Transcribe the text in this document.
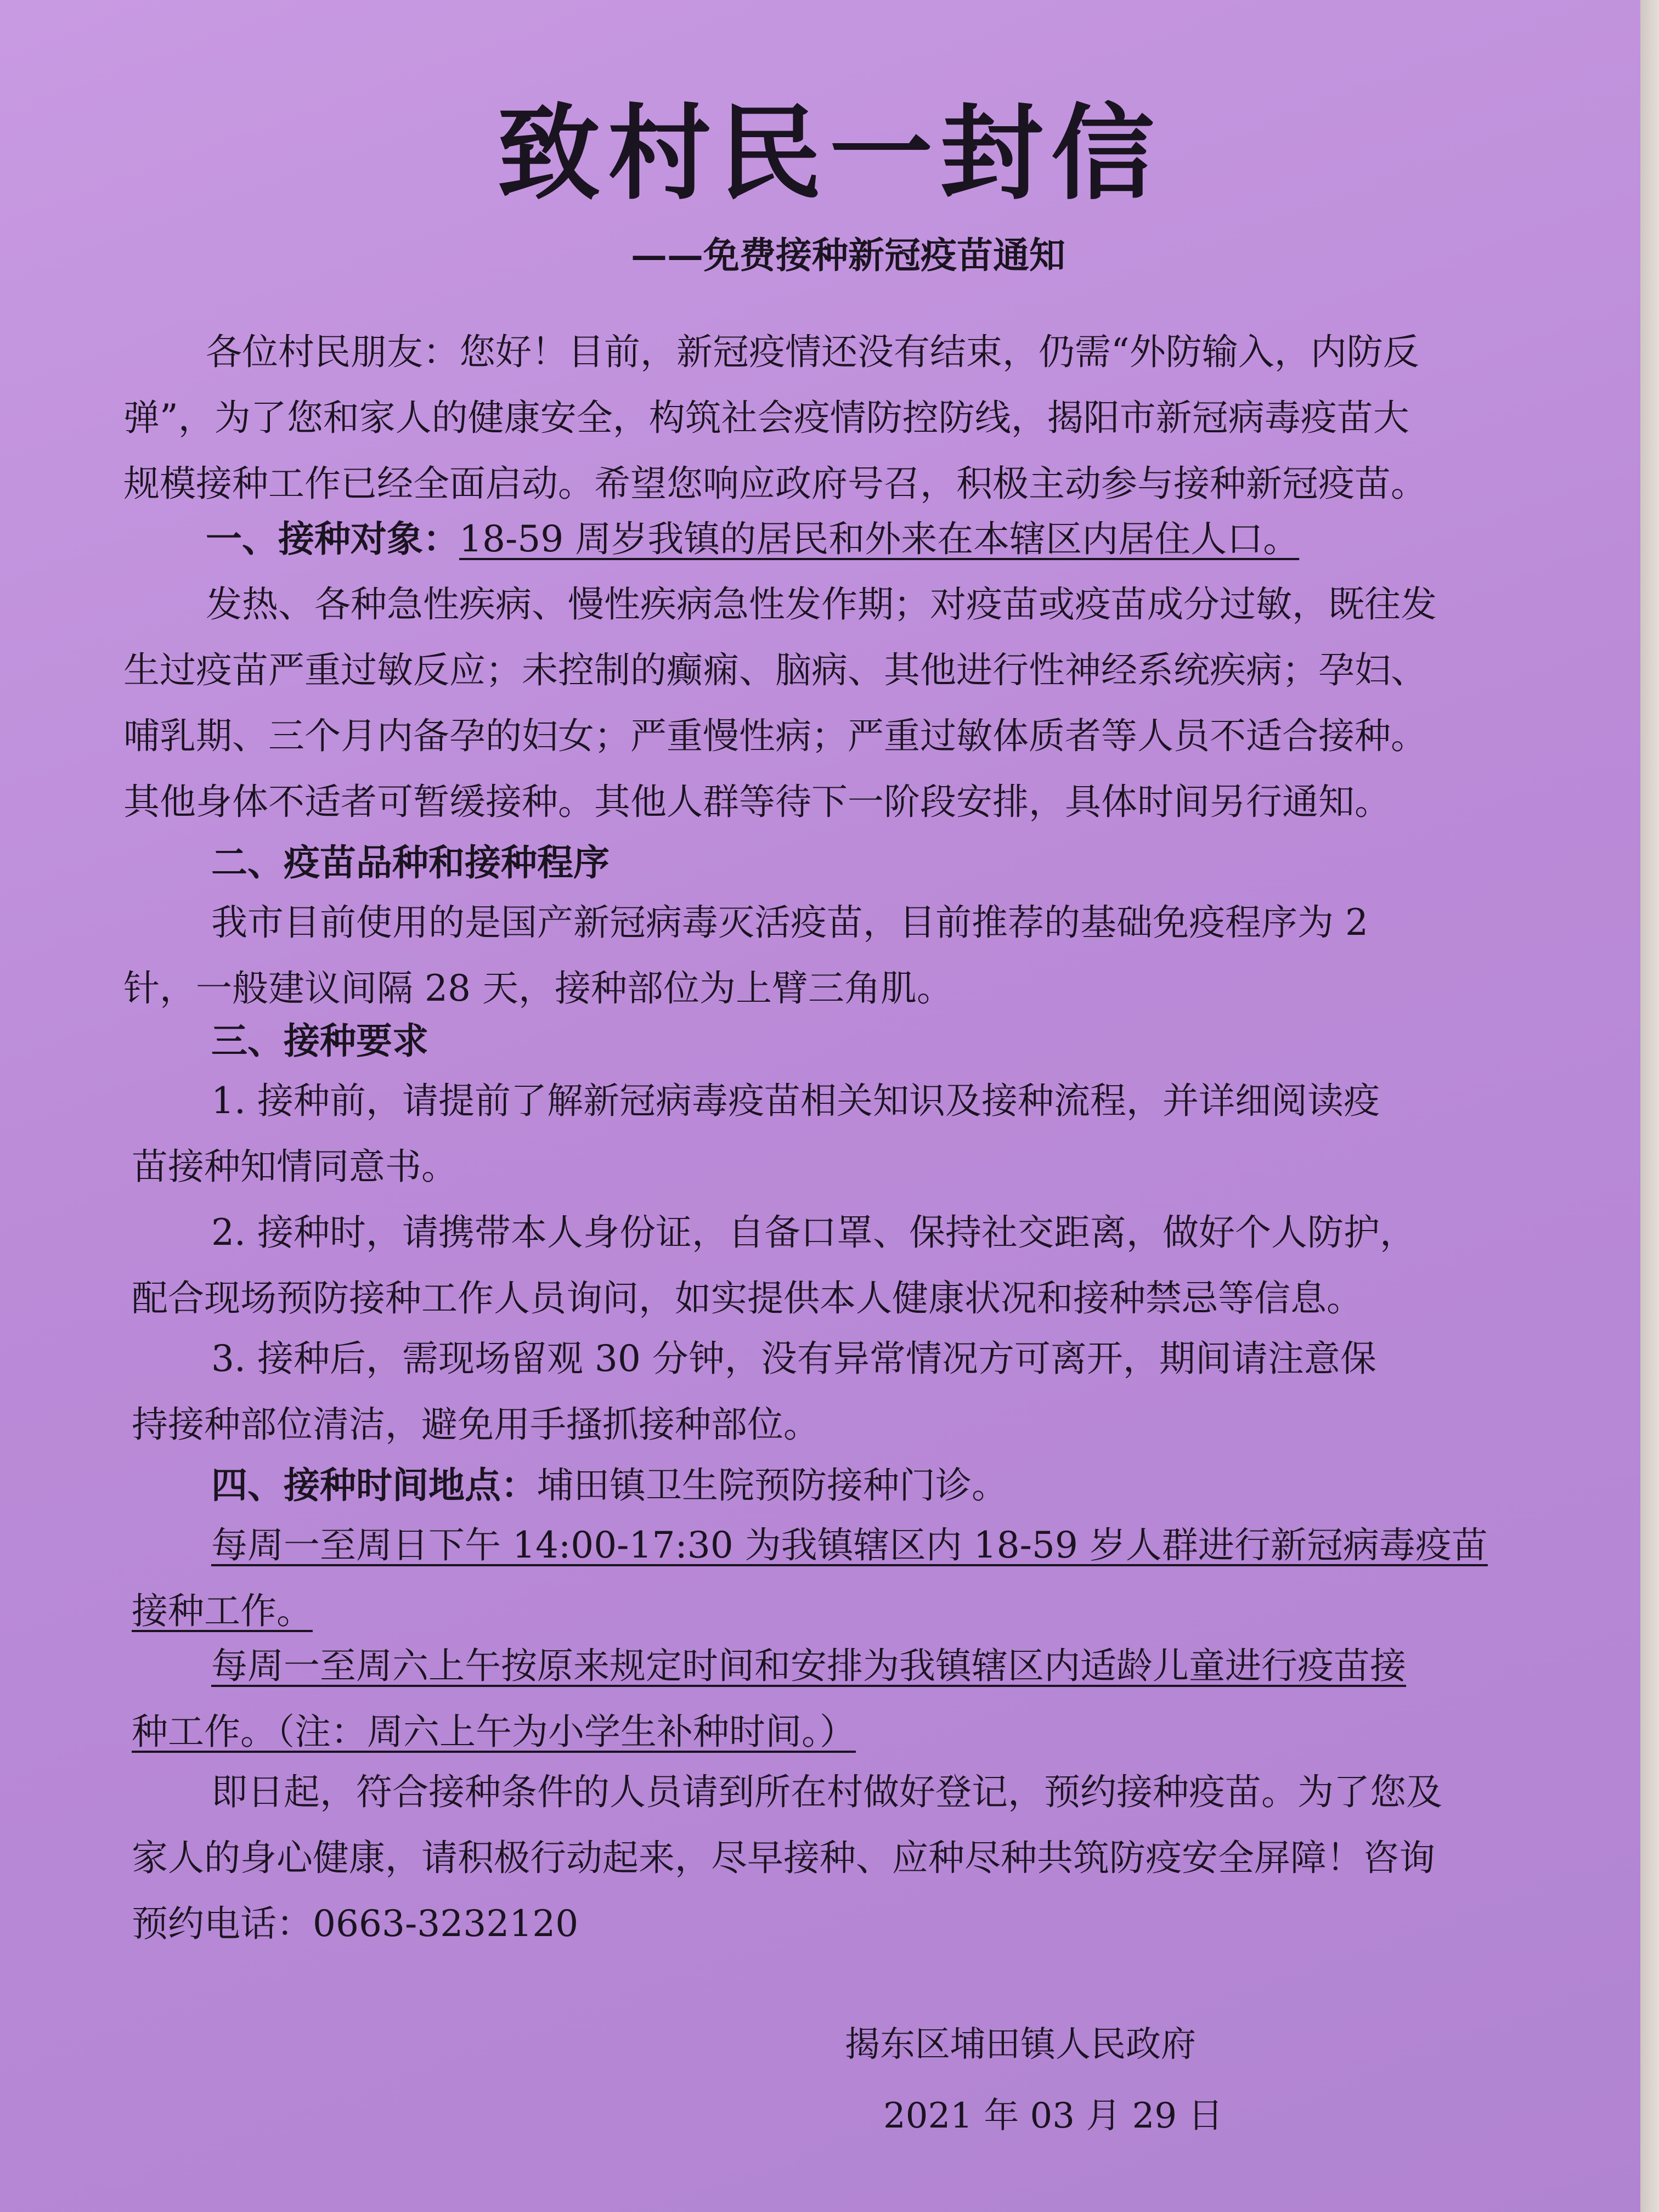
致村民一封信

——免费接种新冠疫苗通知

各位村民朋友：您好！目前，新冠疫情还没有结束，仍需“外防输入，内防反

弹”，为了您和家人的健康安全，构筑社会疫情防控防线，揭阳市新冠病毒疫苗大

规模接种工作已经全面启动。希望您响应政府号召，积极主动参与接种新冠疫苗。

一、接种对象：18-59 周岁我镇的居民和外来在本辖区内居住人口。

发热、各种急性疾病、慢性疾病急性发作期；对疫苗或疫苗成分过敏，既往发

生过疫苗严重过敏反应；未控制的癫痫、脑病、其他进行性神经系统疾病；孕妇、

哺乳期、三个月内备孕的妇女；严重慢性病；严重过敏体质者等人员不适合接种。

其他身体不适者可暂缓接种。其他人群等待下一阶段安排，具体时间另行通知。

二、疫苗品种和接种程序

我市目前使用的是国产新冠病毒灭活疫苗，目前推荐的基础免疫程序为 2

针，一般建议间隔 28 天，接种部位为上臂三角肌。

三、接种要求

1. 接种前，请提前了解新冠病毒疫苗相关知识及接种流程，并详细阅读疫

苗接种知情同意书。

2. 接种时，请携带本人身份证，自备口罩、保持社交距离，做好个人防护，

配合现场预防接种工作人员询问，如实提供本人健康状况和接种禁忌等信息。

3. 接种后，需现场留观 30 分钟，没有异常情况方可离开，期间请注意保

持接种部位清洁，避免用手搔抓接种部位。

四、接种时间地点：埔田镇卫生院预防接种门诊。

每周一至周日下午 14:00-17:30 为我镇辖区内 18-59 岁人群进行新冠病毒疫苗

接种工作。

每周一至周六上午按原来规定时间和安排为我镇辖区内适龄儿童进行疫苗接

种工作。（注：周六上午为小学生补种时间。）

即日起，符合接种条件的人员请到所在村做好登记，预约接种疫苗。为了您及

家人的身心健康，请积极行动起来，尽早接种、应种尽种共筑防疫安全屏障！咨询

预约电话：0663-3232120

揭东区埔田镇人民政府

2021 年 03 月 29 日
